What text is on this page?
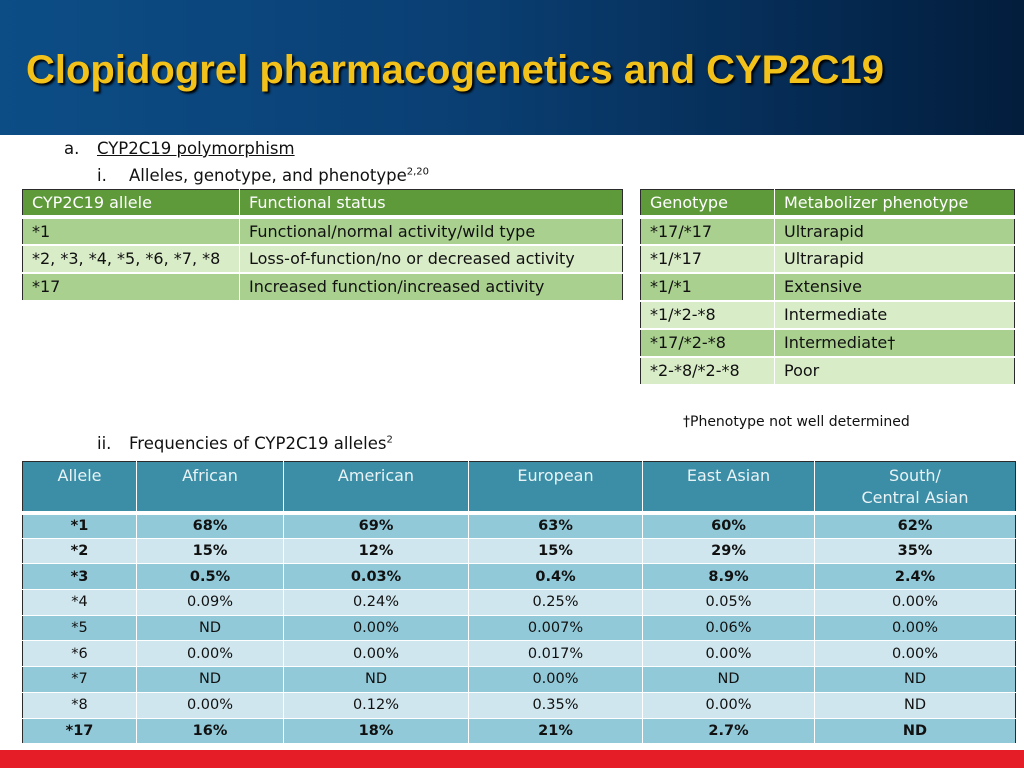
Clopidogrel pharmacogenetics and CYP2C19
a. CYP2C19 polymorphism
i. Alleles, genotype, and phenotype$^{2,20}$
CYP2C19 allele	Functional status
*1	Functional/normal activity/wild type
*2, *3, *4, *5, *6, *7, *8	Loss-of-function/no or decreased activity
*17	Increased function/increased activity
Genotype	Metabolizer phenotype
*17/*17	Ultrarapid
*1/*17	Ultrarapid
*1/*1	Extensive
*1/*2-*8	Intermediate
*17/*2-*8	Intermediate†
*2-*8/*2-*8	Poor
†Phenotype not well determined
ii. Frequencies of CYP2C19 alleles$^2$
Allele	African	American	European	East Asian	South/
Central Asian

*1	68%	69%	63%	60%	62%
*2	15%	12%	15%	29%	35%
*3	0.5%	0.03%	0.4%	8.9%	2.4%
*4	0.09%	0.24%	0.25%	0.05%	0.00%
*5	ND	0.00%	0.007%	0.06%	0.00%
*6	0.00%	0.00%	0.017%	0.00%	0.00%
*7	ND	ND	0.00%	ND	ND
*8	0.00%	0.12%	0.35%	0.00%	ND
*17	16%	18%	21%	2.7%	ND
